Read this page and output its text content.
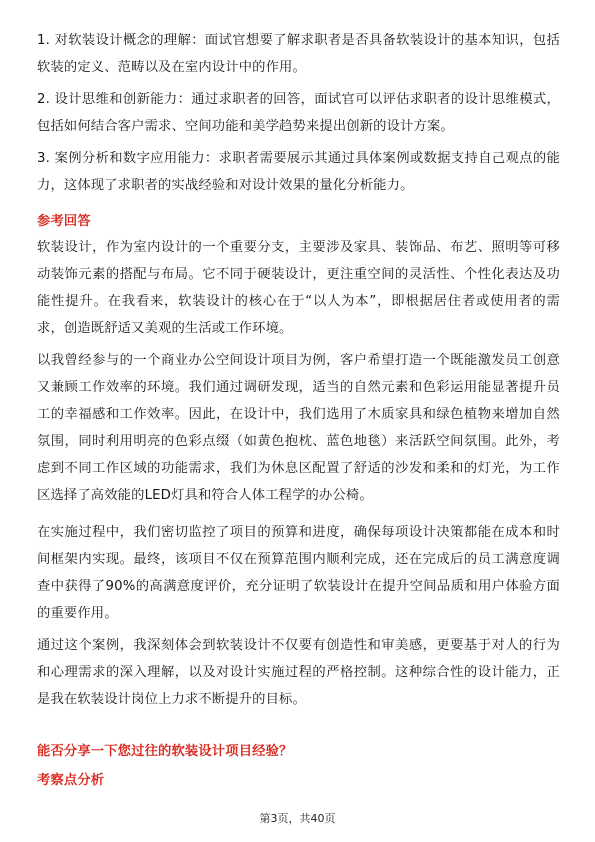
1. 对软装设计概念的理解：面试官想要了解求职者是否具备软装设计的基本知识，包括软装的定义、范畴以及在室内设计中的作用。

2. 设计思维和创新能力：通过求职者的回答，面试官可以评估求职者的设计思维模式，包括如何结合客户需求、空间功能和美学趋势来提出创新的设计方案。

3. 案例分析和数字应用能力：求职者需要展示其通过具体案例或数据支持自己观点的能力，这体现了求职者的实战经验和对设计效果的量化分析能力。

参考回答

软装设计，作为室内设计的一个重要分支，主要涉及家具、装饰品、布艺、照明等可移动装饰元素的搭配与布局。它不同于硬装设计，更注重空间的灵活性、个性化表达及功能性提升。在我看来，软装设计的核心在于“以人为本”，即根据居住者或使用者的需求，创造既舒适又美观的生活或工作环境。

以我曾经参与的一个商业办公空间设计项目为例，客户希望打造一个既能激发员工创意又兼顾工作效率的环境。我们通过调研发现，适当的自然元素和色彩运用能显著提升员工的幸福感和工作效率。因此，在设计中，我们选用了木质家具和绿色植物来增加自然氛围，同时利用明亮的色彩点缀（如黄色抱枕、蓝色地毯）来活跃空间氛围。此外，考虑到不同工作区域的功能需求，我们为休息区配置了舒适的沙发和柔和的灯光，为工作区选择了高效能的LED灯具和符合人体工程学的办公椅。

在实施过程中，我们密切监控了项目的预算和进度，确保每项设计决策都能在成本和时间框架内实现。最终，该项目不仅在预算范围内顺利完成，还在完成后的员工满意度调查中获得了90%的高满意度评价，充分证明了软装设计在提升空间品质和用户体验方面的重要作用。

通过这个案例，我深刻体会到软装设计不仅要有创造性和审美感，更要基于对人的行为和心理需求的深入理解，以及对设计实施过程的严格控制。这种综合性的设计能力，正是我在软装设计岗位上力求不断提升的目标。

能否分享一下您过往的软装设计项目经验？

考察点分析

第3页，共40页
